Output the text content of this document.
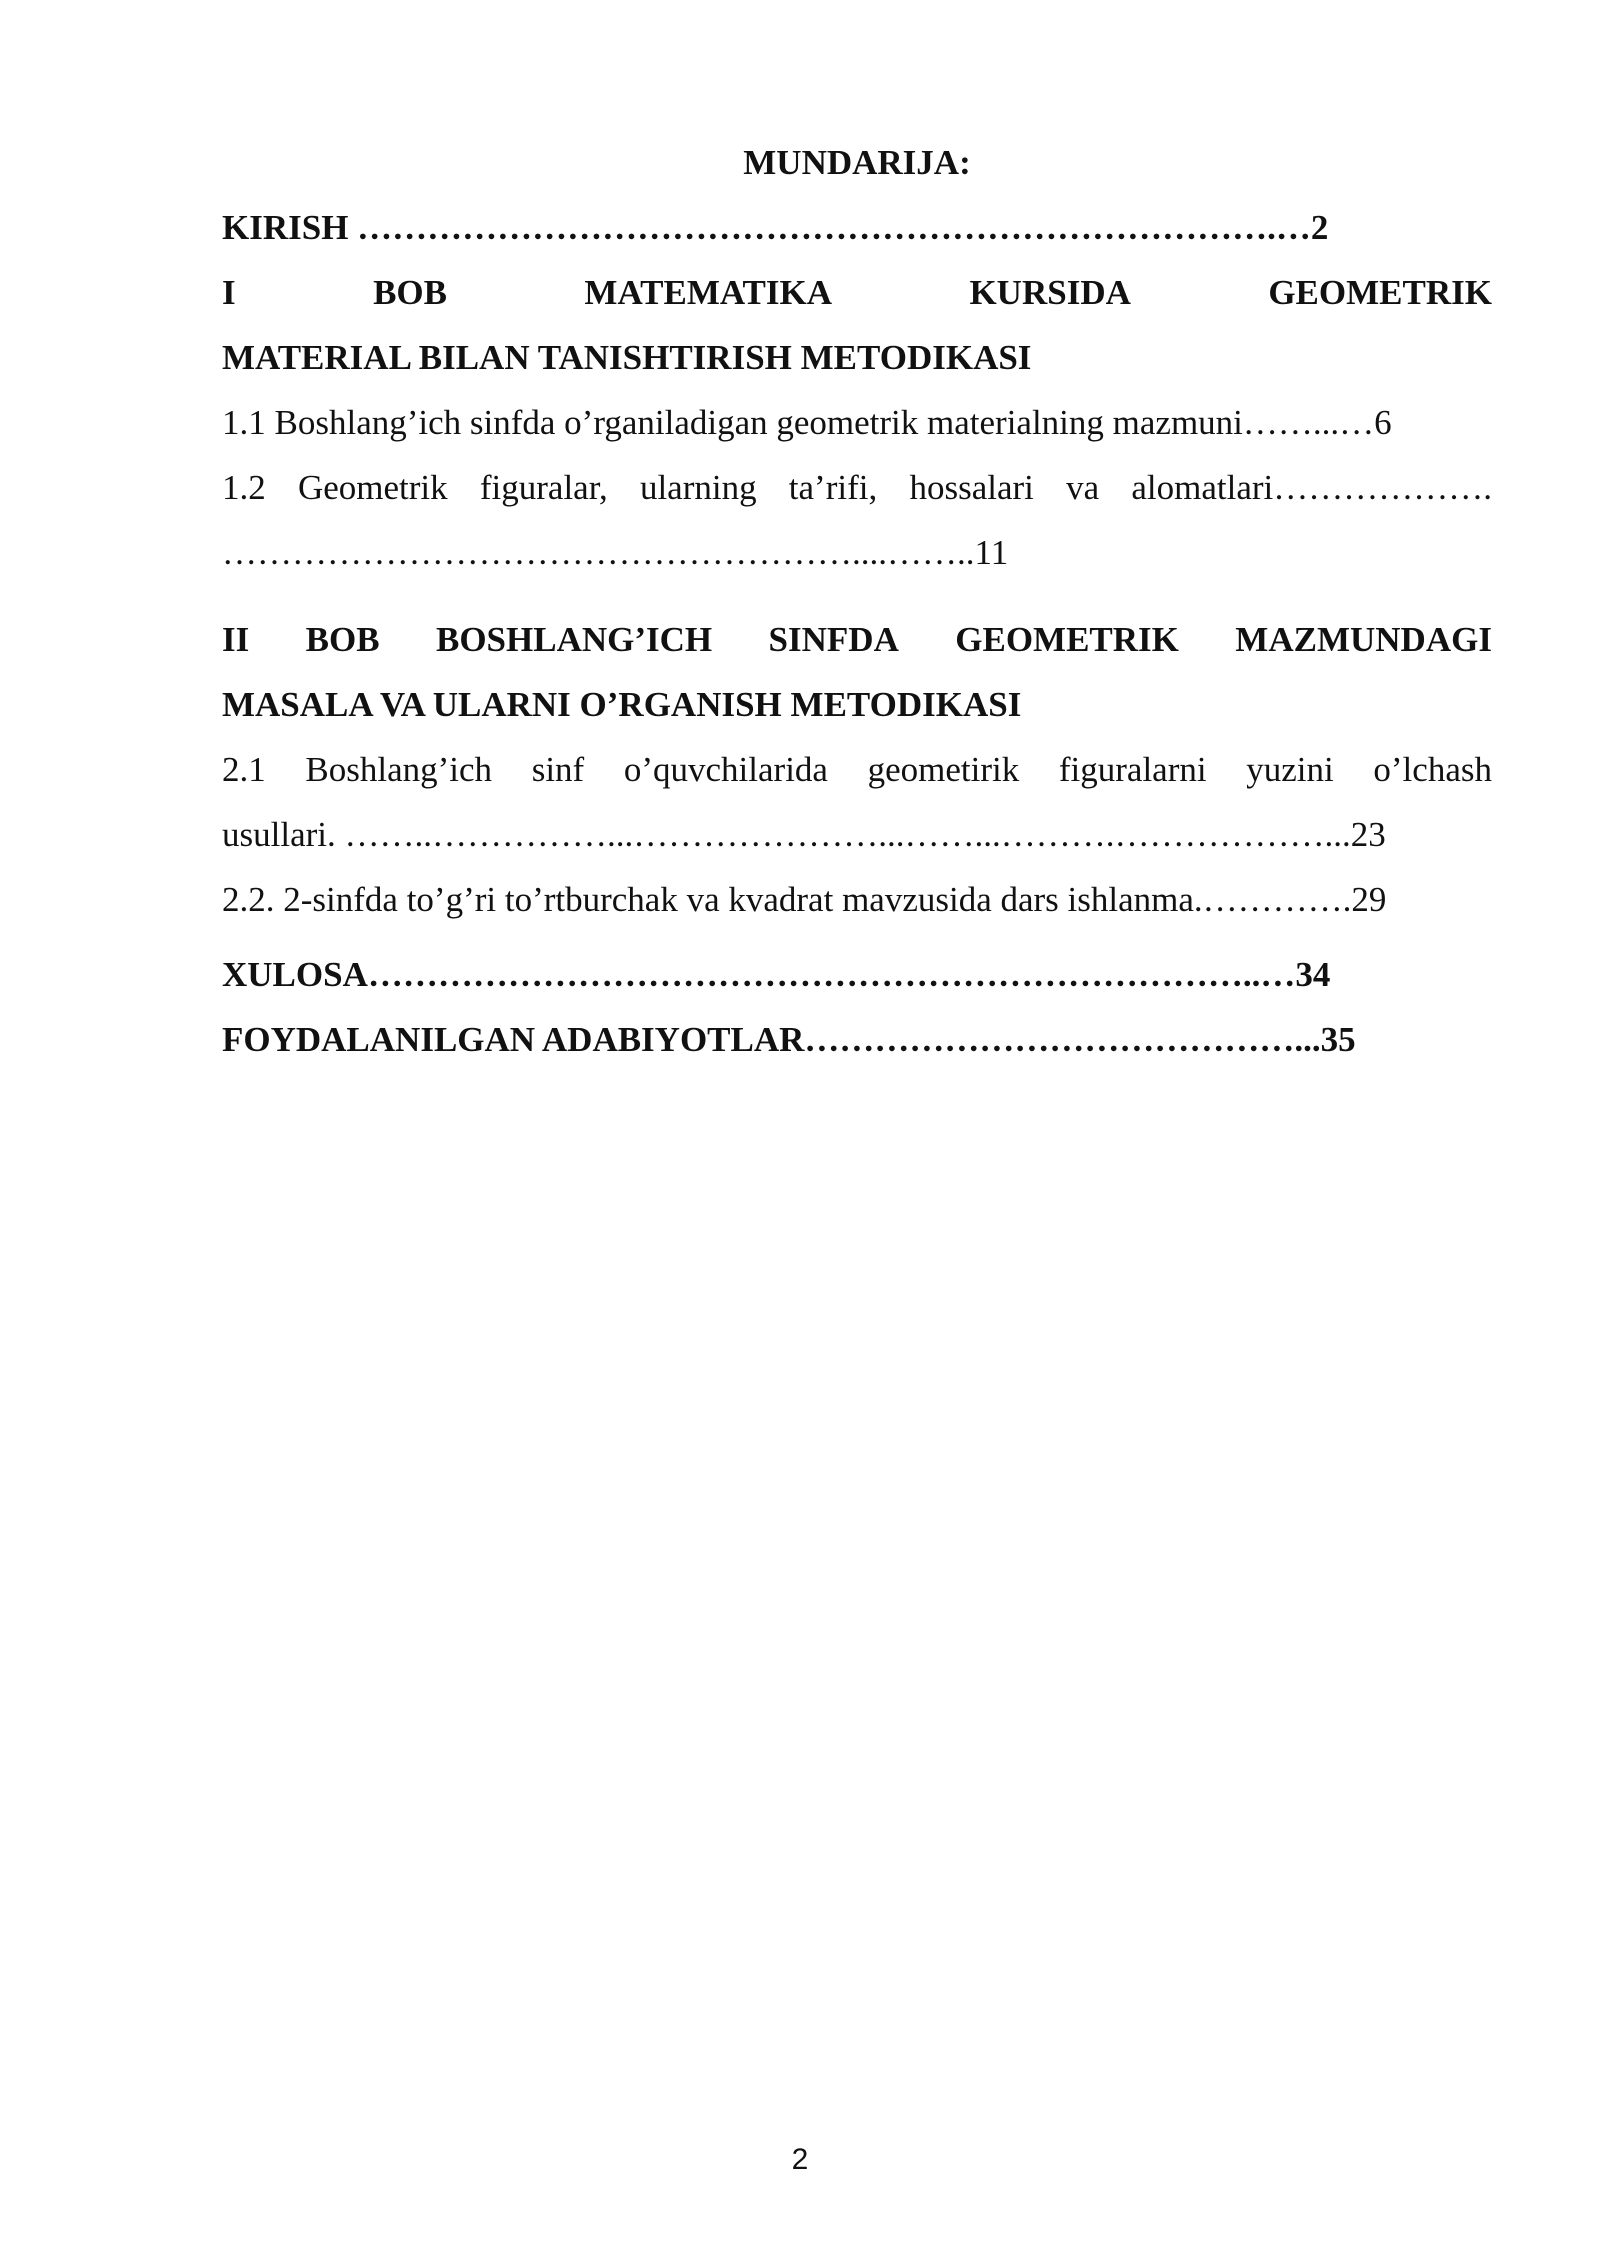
MUNDARIJA:

KIRISH …………………………………………………………………….…2

I	BOB	MATEMATIKA	KURSIDA	GEOMETRIK

MATERIAL BILAN TANISHTIRISH METODIKASI

1.1 Boshlang’ich sinfda o’rganiladigan geometrik materialning mazmuni……...…6

1.2 Geometrik figuralar, ularning ta’rifi, hossalari va alomatlari……………….

………………………………………………....……..11

II BOB BOSHLANG’ICH SINFDA GEOMETRIK MAZMUNDAGI

MASALA VA ULARNI O’RGANISH METODIKASI

2.1 Boshlang’ich sinf o’quvchilarida geometirik figuralarni yuzini o’lchash

usullari. ……..……………...…………………...……...……….………………...23

2.2. 2-sinfda to’g’ri to’rtburchak va kvadrat mavzusida dars ishlanma.………….29

XULOSA…………………………………………………………………..…34

FOYDALANILGAN ADABIYOTLAR……………………………………...35

2
